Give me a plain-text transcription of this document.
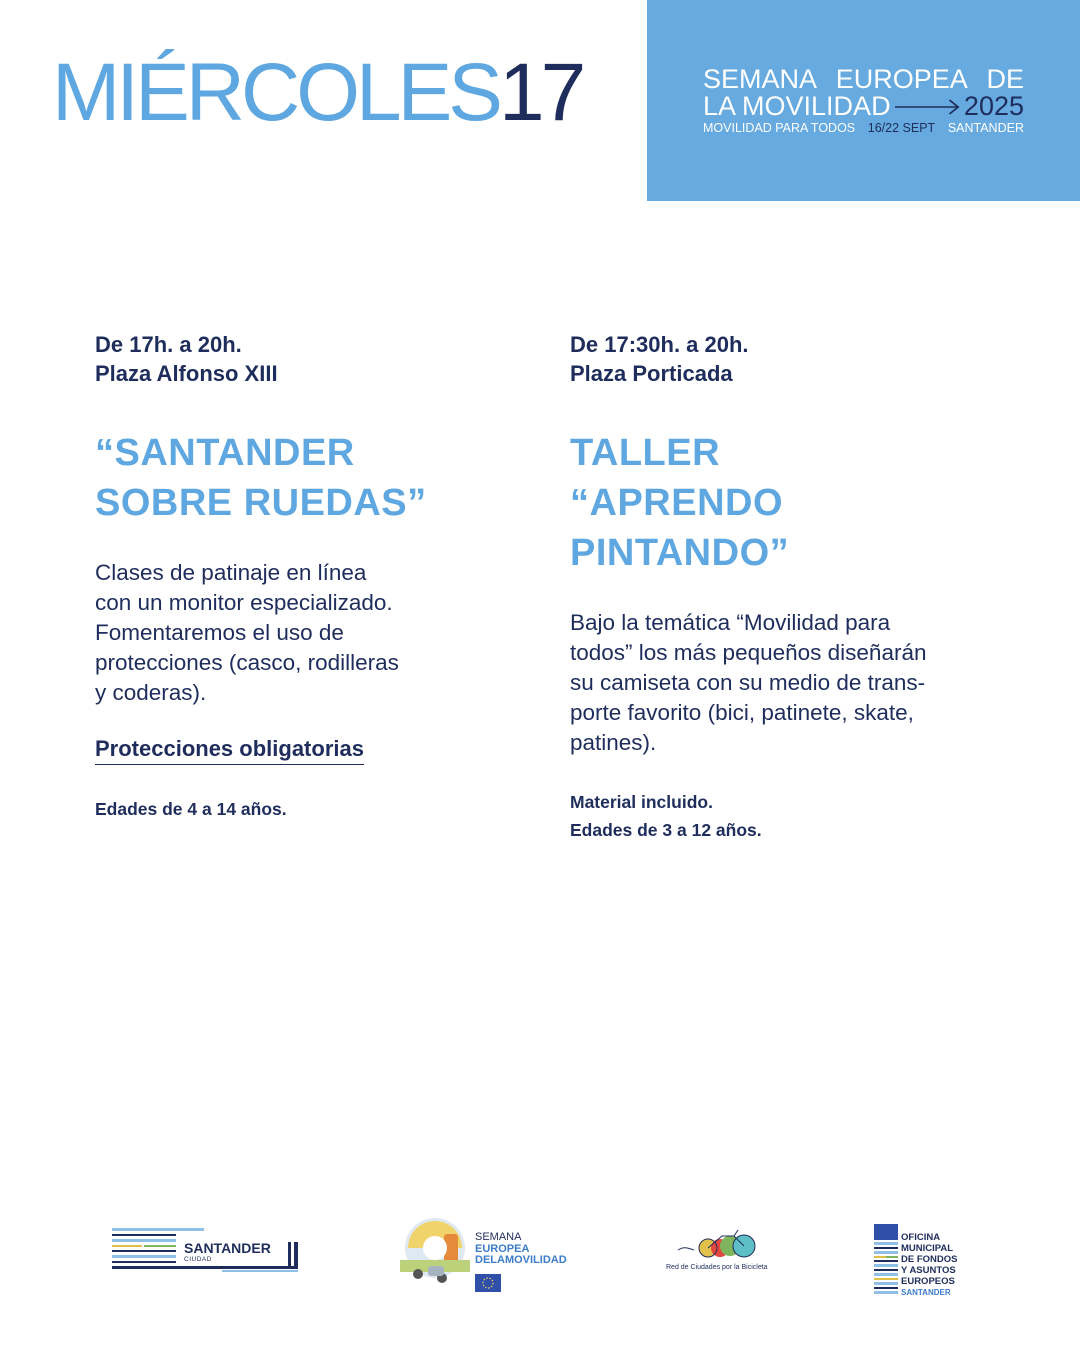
MIÉRCOLES17	SEMANA EUROPEA DE
LA MOVILIDAD	2025
MOVILIDAD PARA TODOS 16/22 SEPT SANTANDER

De 17h. a 20h.

Plaza Alfonso XIII

“SANTANDER
SOBRE RUEDAS”

Clases de patinaje en línea
con un monitor especializado.
Fomentaremos el uso de
protecciones (casco, rodilleras
y coderas).

Protecciones obligatorias

Edades de 4 a 14 años.

De 17:30h. a 20h.

Plaza Porticada

TALLER
“APRENDO
PINTANDO”

Bajo la temática “Movilidad para
todos” los más pequeños diseñarán
su camiseta con su medio de trans-
porte favorito (bici, patinete, skate,
patines).

Material incluido.

Edades de 3 a 12 años.

SANTANDER
CIUDAD
SEMANA
EUROPEA
DELAMOVILIDAD
Red de Ciudades por la Bicicleta
OFICINA
MUNICIPAL
DE FONDOS
Y ASUNTOS
EUROPEOS
SANTANDER
